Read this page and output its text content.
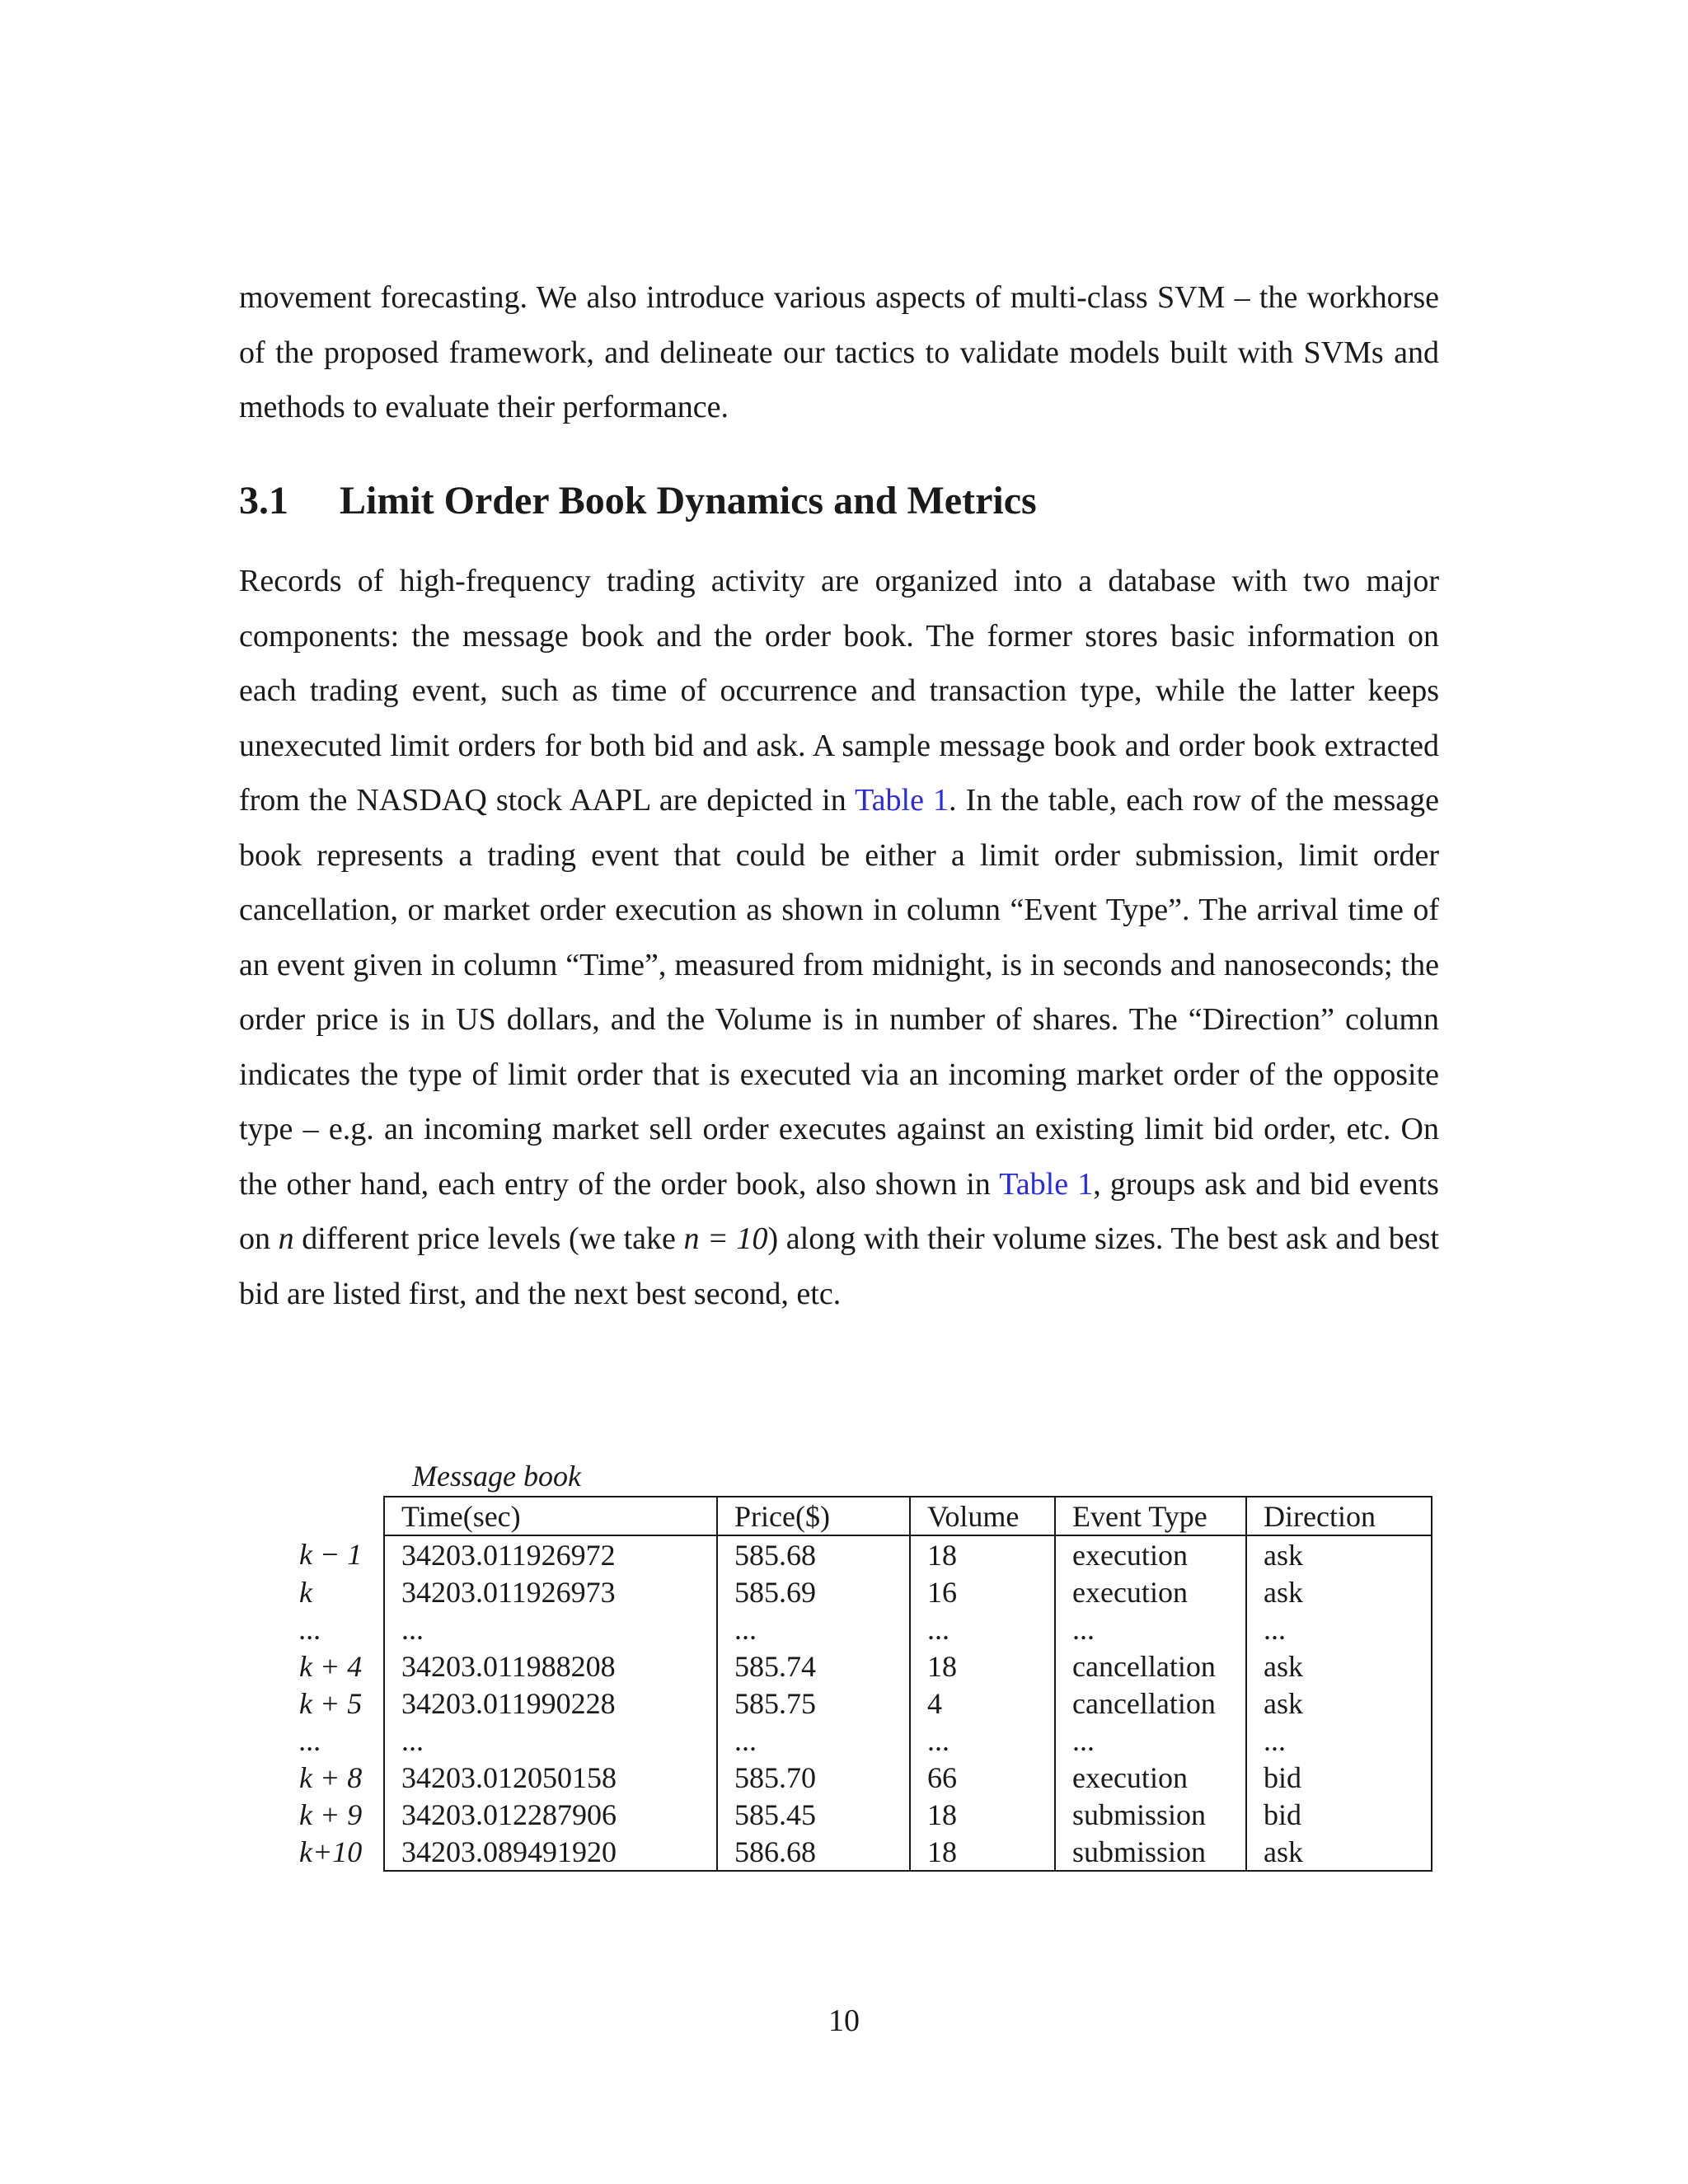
movement forecasting. We also introduce various aspects of multi-class SVM – the workhorse of the proposed framework, and delineate our tactics to validate models built with SVMs and methods to evaluate their performance.

3.1 Limit Order Book Dynamics and Metrics

Records of high-frequency trading activity are organized into a database with two major components: the message book and the order book. The former stores basic information on each trading event, such as time of occurrence and transaction type, while the latter keeps unexecuted limit orders for both bid and ask. A sample message book and order book extracted from the NASDAQ stock AAPL are depicted in Table 1. In the table, each row of the message book represents a trading event that could be either a limit order submission, limit order cancellation, or market order execution as shown in column “Event Type”. The arrival time of an event given in column “Time”, measured from midnight, is in seconds and nanoseconds; the order price is in US dollars, and the Volume is in number of shares. The “Direction” column indicates the type of limit order that is executed via an incoming market order of the opposite type – e.g. an incoming market sell order executes against an existing limit bid order, etc. On the other hand, each entry of the order book, also shown in Table 1, groups ask and bid events on n different price levels (we take n = 10) along with their volume sizes. The best ask and best bid are listed first, and the next best second, etc.

Message book
	Time(sec)	Price($)	Volume	Event Type	Direction
k − 1	34203.011926972	585.68	18	execution	ask
k	34203.011926973	585.69	16	execution	ask
...	...	...	...	...	...
k + 4	34203.011988208	585.74	18	cancellation	ask
k + 5	34203.011990228	585.75	4	cancellation	ask
...	...	...	...	...	...
k + 8	34203.012050158	585.70	66	execution	bid
k + 9	34203.012287906	585.45	18	submission	bid
k+10	34203.089491920	586.68	18	submission	ask
10
